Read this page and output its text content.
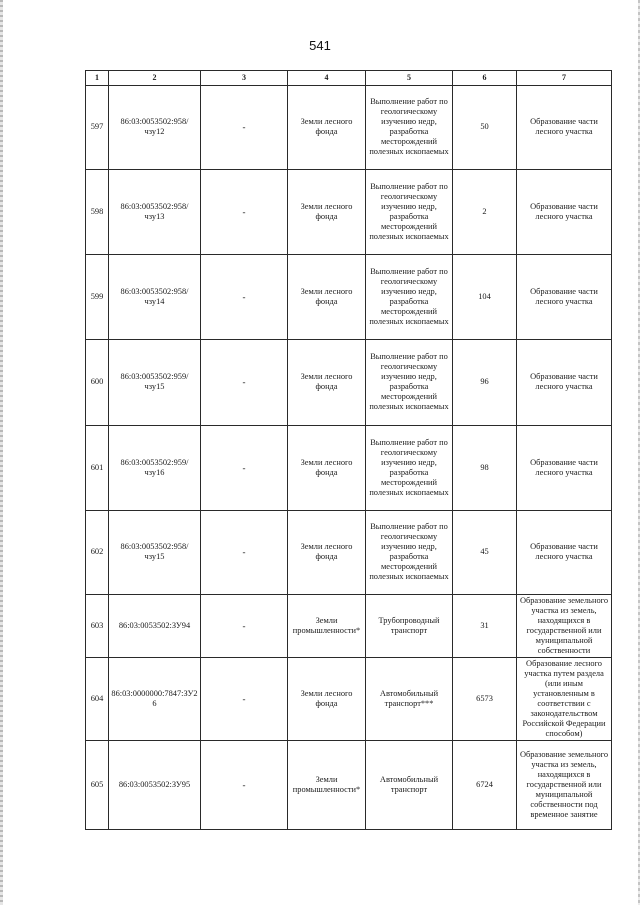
541
1	2	3	4	5	6	7
597	86:03:0053502:958/чзу12	-	Земли лесного фонда	Выполнение работ по геологическому изучению недр, разработка месторождений полезных ископаемых	50	Образование части лесного участка
598	86:03:0053502:958/чзу13	-	Земли лесного фонда	Выполнение работ по геологическому изучению недр, разработка месторождений полезных ископаемых	2	Образование части лесного участка
599	86:03:0053502:958/чзу14	-	Земли лесного фонда	Выполнение работ по геологическому изучению недр, разработка месторождений полезных ископаемых	104	Образование части лесного участка
600	86:03:0053502:959/чзу15	-	Земли лесного фонда	Выполнение работ по геологическому изучению недр, разработка месторождений полезных ископаемых	96	Образование части лесного участка
601	86:03:0053502:959/чзу16	-	Земли лесного фонда	Выполнение работ по геологическому изучению недр, разработка месторождений полезных ископаемых	98	Образование части лесного участка
602	86:03:0053502:958/чзу15	-	Земли лесного фонда	Выполнение работ по геологическому изучению недр, разработка месторождений полезных ископаемых	45	Образование части лесного участка
603	86:03:0053502:ЗУ94	-	Земли промышленности*	Трубопроводный транспорт	31	Образование земельного участка из земель, находящихся в государственной или муниципальной собственности
604	86:03:0000000:7847:ЗУ26	-	Земли лесного фонда	Автомобильный транспорт***	6573	Образование лесного участка путем раздела (или иным установленным в соответствии с законодательством Российской Федерации способом)
605	86:03:0053502:ЗУ95	-	Земли промышленности*	Автомобильный транспорт	6724	Образование земельного участка из земель, находящихся в государственной или муниципальной собственности под временное занятие
